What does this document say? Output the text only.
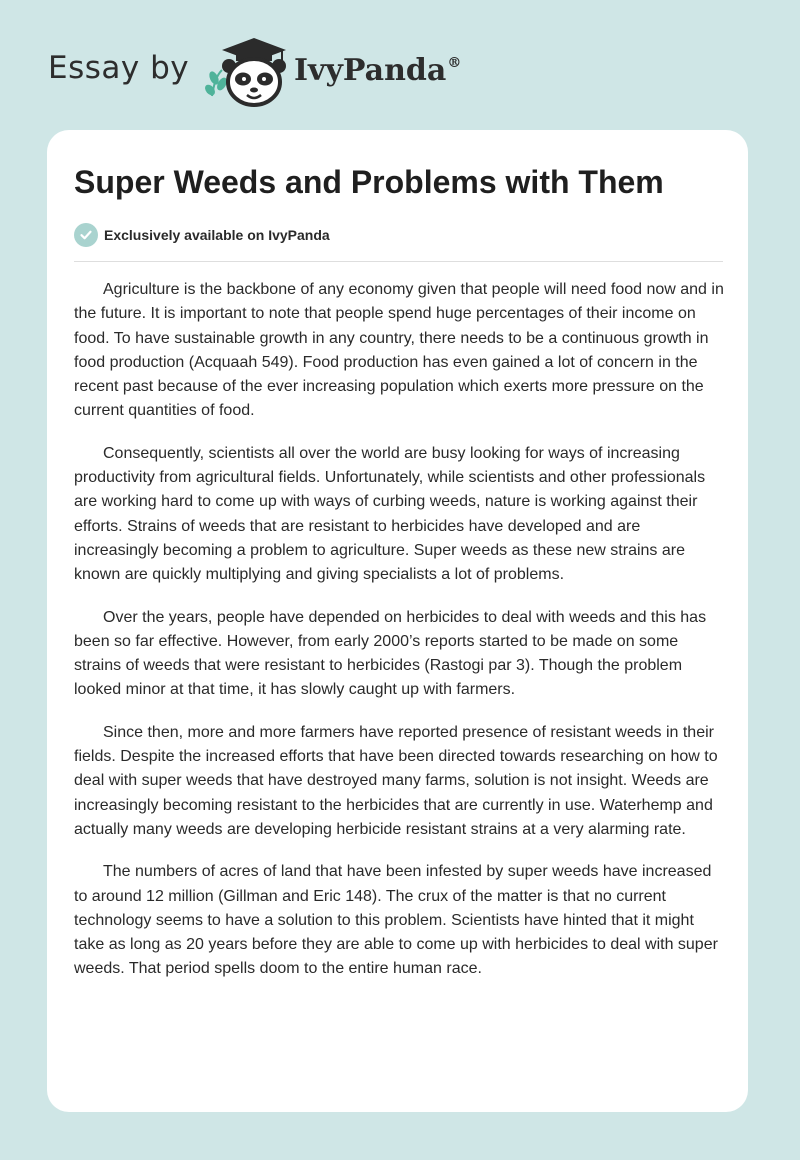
Essay by	IvyPanda®
Super Weeds and Problems with Them
Exclusively available on IvyPanda

Agriculture is the backbone of any economy given that people will need food now and in the future. It is important to note that people spend huge percentages of their income on food. To have sustainable growth in any country, there needs to be a continuous growth in food production (Acquaah 549). Food production has even gained a lot of concern in the recent past because of the ever increasing population which exerts more pressure on the current quantities of food.

Consequently, scientists all over the world are busy looking for ways of increasing productivity from agricultural fields. Unfortunately, while scientists and other professionals are working hard to come up with ways of curbing weeds, nature is working against their efforts. Strains of weeds that are resistant to herbicides have developed and are increasingly becoming a problem to agriculture. Super weeds as these new strains are known are quickly multiplying and giving specialists a lot of problems.

Over the years, people have depended on herbicides to deal with weeds and this has been so far effective. However, from early 2000’s reports started to be made on some strains of weeds that were resistant to herbicides (Rastogi par 3). Though the problem looked minor at that time, it has slowly caught up with farmers.

Since then, more and more farmers have reported presence of resistant weeds in their fields. Despite the increased efforts that have been directed towards researching on how to deal with super weeds that have destroyed many farms, solution is not insight. Weeds are increasingly becoming resistant to the herbicides that are currently in use. Waterhemp and actually many weeds are developing herbicide resistant strains at a very alarming rate.

The numbers of acres of land that have been infested by super weeds have increased to around 12 million (Gillman and Eric 148). The crux of the matter is that no current technology seems to have a solution to this problem. Scientists have hinted that it might take as long as 20 years before they are able to come up with herbicides to deal with super weeds. That period spells doom to the entire human race.
